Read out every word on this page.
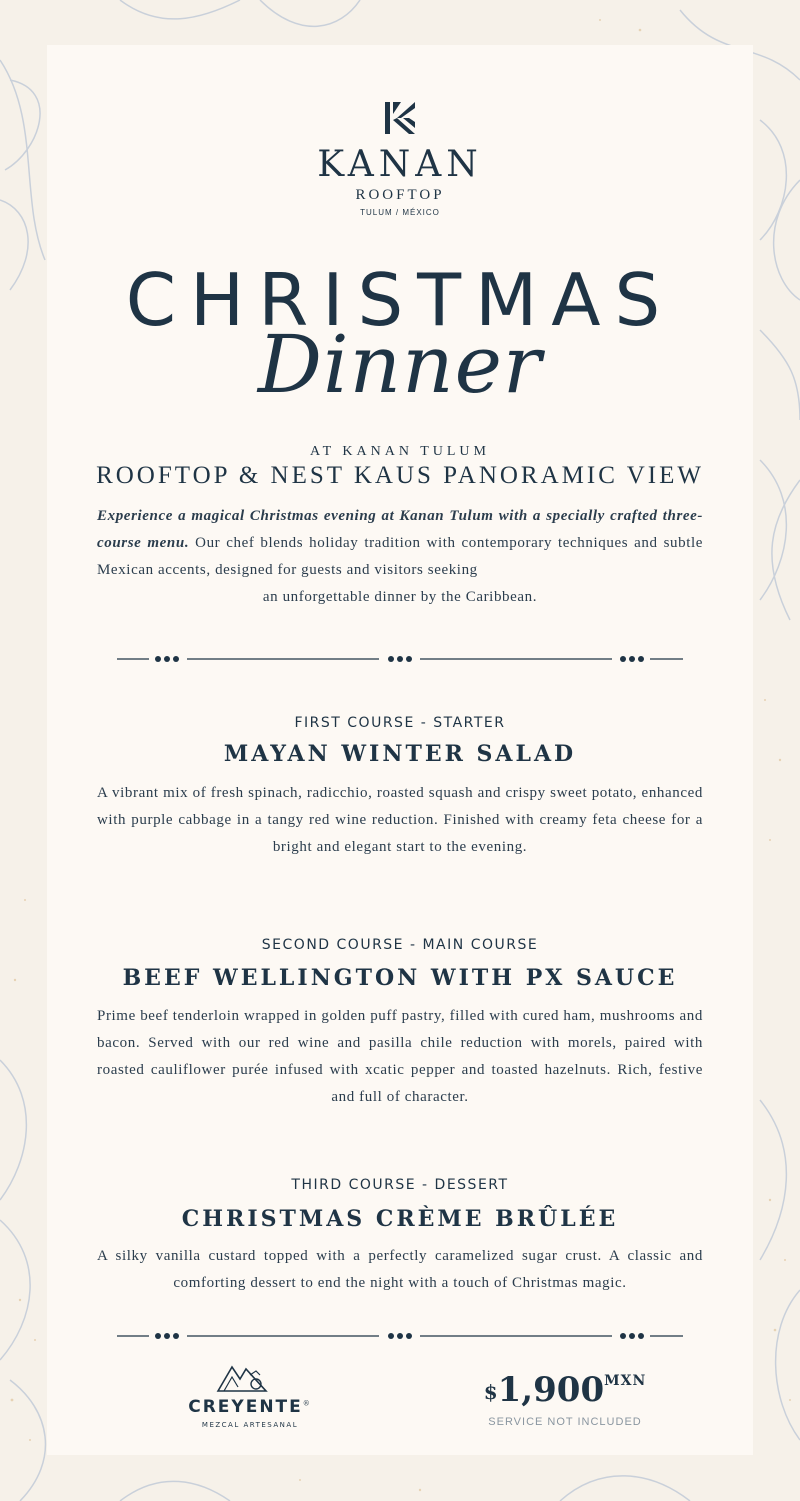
KANAN
ROOFTOP
TULUM / MÉXICO
CHRISTMAS
Dinner
AT KANAN TULUM
ROOFTOP & NEST KAUS PANORAMIC VIEW
Experience a magical Christmas evening at Kanan Tulum with a specially crafted three-course menu. Our chef blends holiday tradition with contemporary techniques and subtle Mexican accents, designed for guests and visitors seeking
an unforgettable dinner by the Caribbean.
FIRST COURSE - STARTER
MAYAN WINTER SALAD
A vibrant mix of fresh spinach, radicchio, roasted squash and crispy sweet potato, enhanced with purple cabbage in a tangy red wine reduction. Finished with creamy feta cheese for a bright and elegant start to the evening.
SECOND COURSE - MAIN COURSE
BEEF WELLINGTON WITH PX SAUCE
Prime beef tenderloin wrapped in golden puff pastry, filled with cured ham, mushrooms and bacon. Served with our red wine and pasilla chile reduction with morels, paired with roasted cauliflower purée infused with xcatic pepper and toasted hazelnuts. Rich, festive and full of character.
THIRD COURSE - DESSERT
CHRISTMAS CRÈME BRÛLÉE
A silky vanilla custard topped with a perfectly caramelized sugar crust. A classic and comforting dessert to end the night with a touch of Christmas magic.
CREYENTE®
MEZCAL ARTESANAL
$\$1,900^{MXN}$
SERVICE NOT INCLUDED
